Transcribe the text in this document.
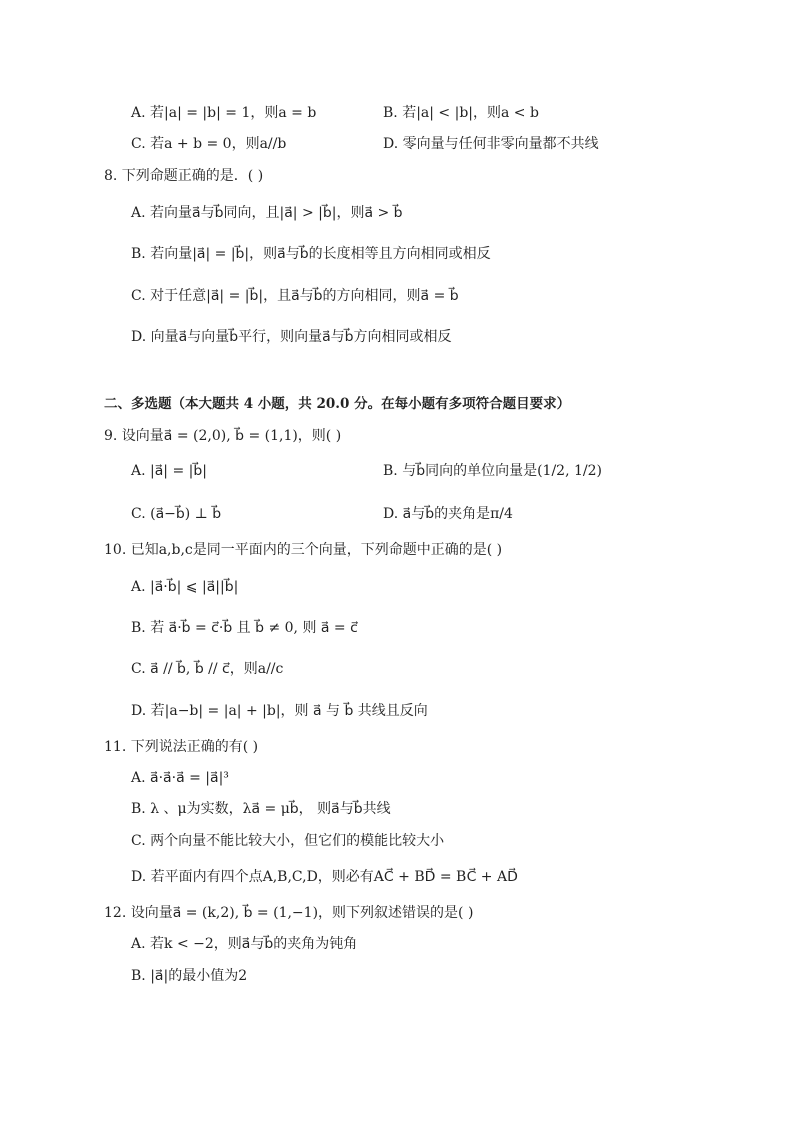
A. 若|a| = |b| = 1，则a = b	B. 若|a| < |b|，则a < b
C. 若a + b = 0，则a//b	D. 零向量与任何非零向量都不共线
8. 下列命题正确的是．( )
A. 若向量a⃗与b⃗同向，且|a⃗| > |b⃗|，则a⃗ > b⃗
B. 若向量|a⃗| = |b⃗|，则a⃗与b⃗的长度相等且方向相同或相反
C. 对于任意|a⃗| = |b⃗|，且a⃗与b⃗的方向相同，则a⃗ = b⃗
D. 向量a⃗与向量b⃗平行，则向量a⃗与b⃗方向相同或相反
二、多选题（本大题共 4 小题，共 20.0 分。在每小题有多项符合题目要求）
9. 设向量a⃗ = (2,0), b⃗ = (1,1)，则( )
A. |a⃗| = |b⃗|	B. 与b⃗同向的单位向量是(1/2, 1/2)
C. (a⃗−b⃗) ⊥ b⃗	D. a⃗与b⃗的夹角是π/4
10. 已知a,b,c是同一平面内的三个向量，下列命题中正确的是( )
A. |a⃗·b⃗| ⩽ |a⃗||b⃗|
B. 若 a⃗·b⃗ = c⃗·b⃗ 且 b⃗ ≠ 0, 则 a⃗ = c⃗
C. a⃗ // b⃗, b⃗ // c⃗，则a//c
D. 若|a−b| = |a| + |b|，则 a⃗ 与 b⃗ 共线且反向
11. 下列说法正确的有( )
A. a⃗·a⃗·a⃗ = |a⃗|³
B. λ 、μ为实数，λa⃗ = μb⃗， 则a⃗与b⃗共线
C. 两个向量不能比较大小，但它们的模能比较大小
D. 若平面内有四个点A,B,C,D，则必有AC⃗ + BD⃗ = BC⃗ + AD⃗
12. 设向量a⃗ = (k,2), b⃗ = (1,−1)，则下列叙述错误的是( )
A. 若k < −2，则a⃗与b⃗的夹角为钝角
B. |a⃗|的最小值为2
